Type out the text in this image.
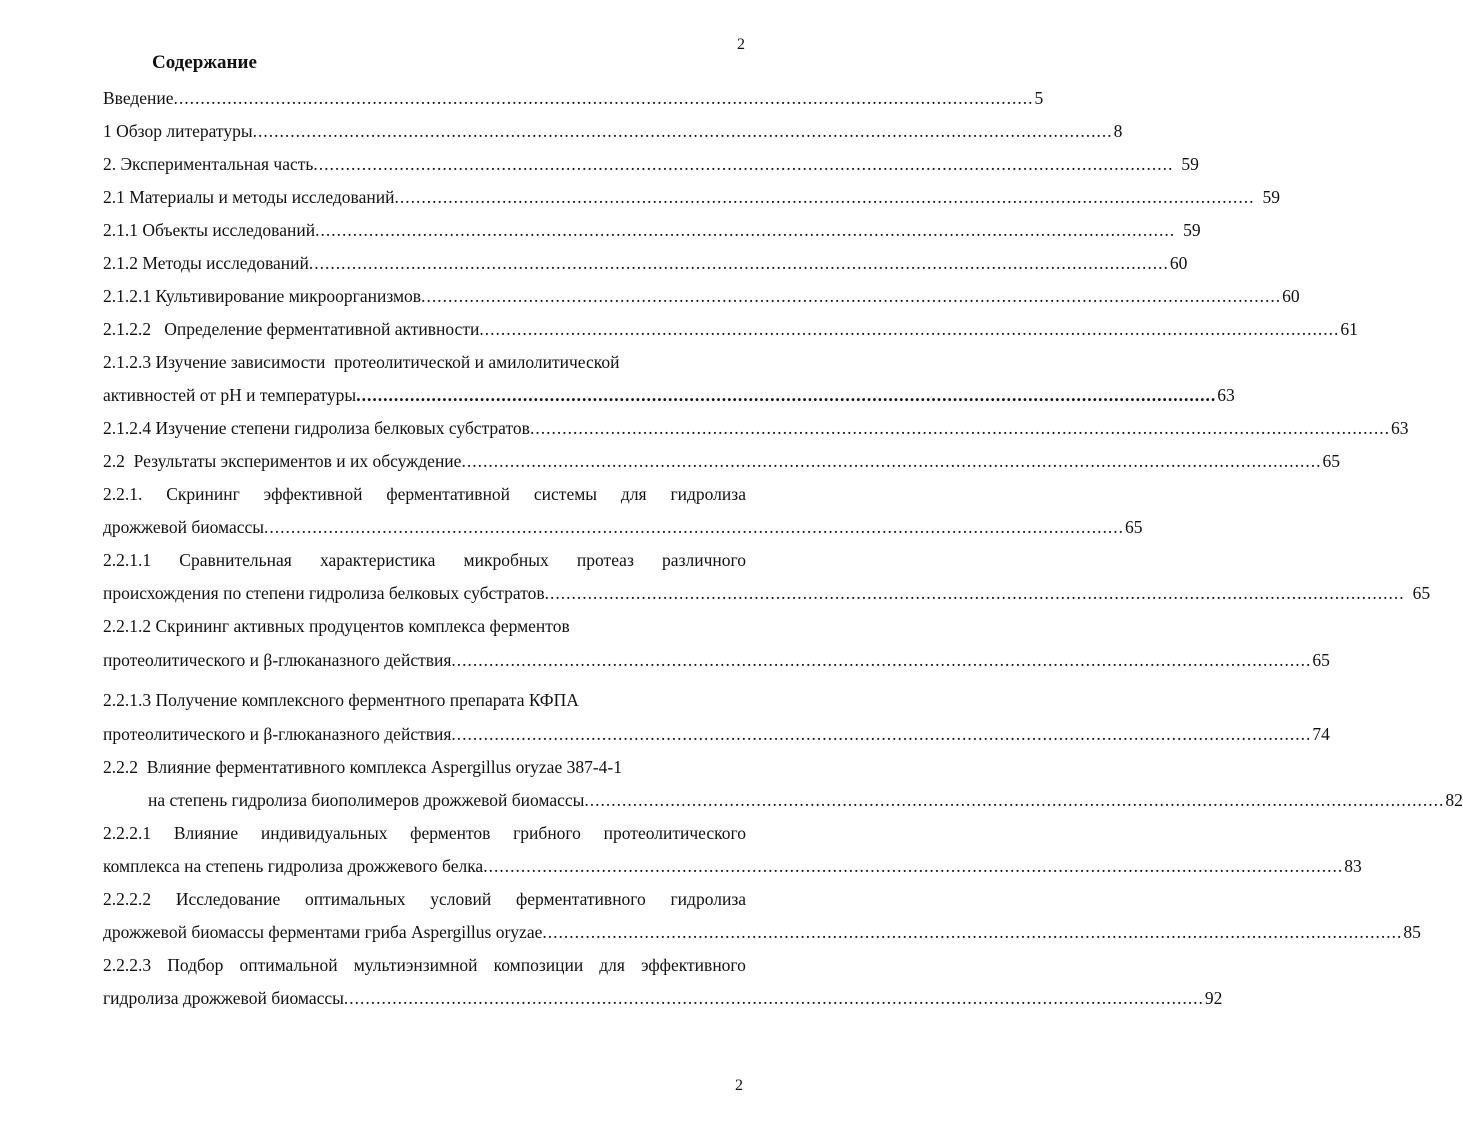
2
Содержание
Введение ................................................................................................................................................................ 5
1 Обзор литературы ................................................................................................................................................................ 8
2. Экспериментальная часть ................................................................................................................................................................ 59
2.1 Материалы и методы исследований ................................................................................................................................................................ 59
2.1.1 Объекты исследований ................................................................................................................................................................ 59
2.1.2 Методы исследований ................................................................................................................................................................ 60
2.1.2.1 Культивирование микроорганизмов ................................................................................................................................................................ 60
2.1.2.2   Определение ферментативной активности ................................................................................................................................................................ 61
2.1.2.3 Изучение зависимости  протеолитической и амилолитической
активностей от рН и температуры ................................................................................................................................................................ 63
2.1.2.4 Изучение степени гидролиза белковых субстратов ................................................................................................................................................................ 63
2.2  Результаты экспериментов и их обсуждение ................................................................................................................................................................ 65
2.2.1. Скрининг эффективной ферментативной системы для гидролиза
дрожжевой биомассы ................................................................................................................................................................ 65
2.2.1.1 Сравнительная характеристика микробных протеаз различного
происхождения по степени гидролиза белковых субстратов ................................................................................................................................................................ 65
2.2.1.2 Скрининг активных продуцентов комплекса ферментов
протеолитического и β-глюканазного действия ................................................................................................................................................................ 65
2.2.1.3 Получение комплексного ферментного препарата КФПА
протеолитического и β-глюканазного действия ................................................................................................................................................................ 74
2.2.2  Влияние ферментативного комплекса Aspergillus oryzae 387-4-1
на степень гидролиза биополимеров дрожжевой биомассы ................................................................................................................................................................ 82
2.2.2.1 Влияние индивидуальных ферментов грибного протеолитического
комплекса на степень гидролиза дрожжевого белка ................................................................................................................................................................ 83
2.2.2.2 Исследование оптимальных условий ферментативного гидролиза
дрожжевой биомассы ферментами гриба Aspergillus oryzae ................................................................................................................................................................ 85
2.2.2.3 Подбор оптимальной мультиэнзимной композиции для эффективного
гидролиза дрожжевой биомассы ................................................................................................................................................................ 92
2
